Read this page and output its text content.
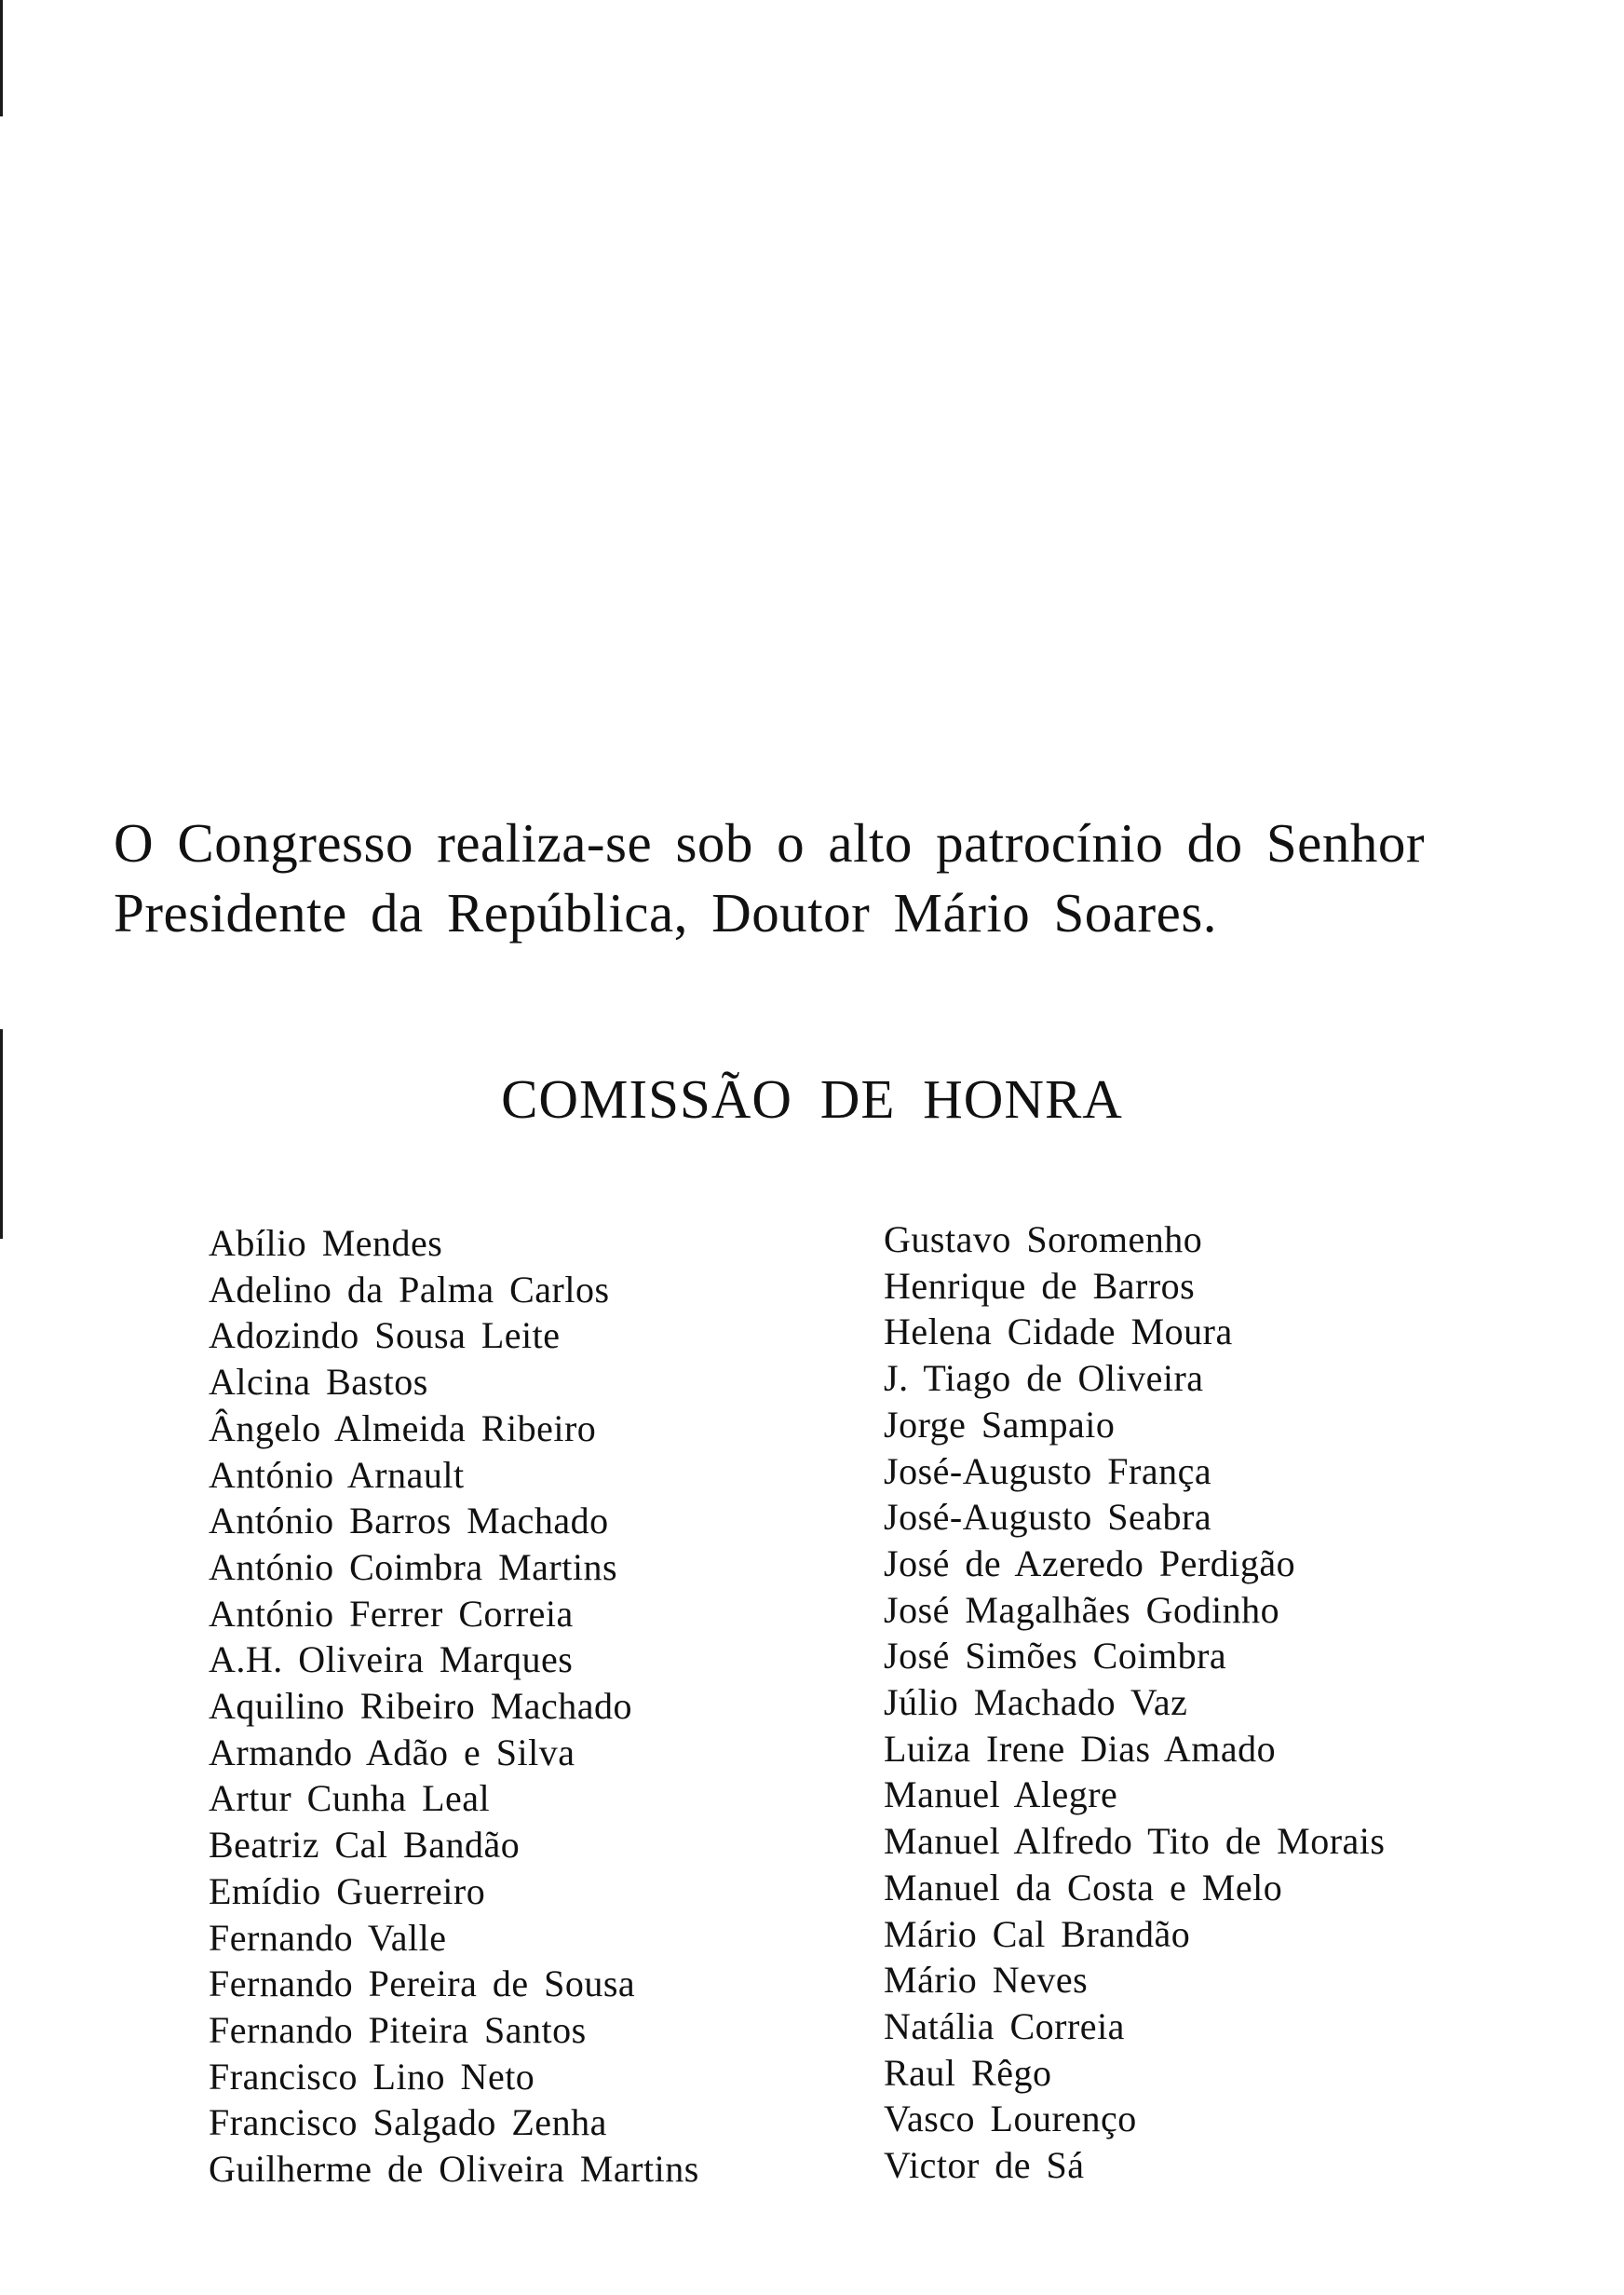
O Congresso realiza-se sob o alto patrocínio do Senhor
Presidente da República, Doutor Mário Soares.

COMISSÃO DE HONRA
Abílio Mendes
Adelino da Palma Carlos
Adozindo Sousa Leite
Alcina Bastos
Ângelo Almeida Ribeiro
António Arnault
António Barros Machado
António Coimbra Martins
António Ferrer Correia
A.H. Oliveira Marques
Aquilino Ribeiro Machado
Armando Adão e Silva
Artur Cunha Leal
Beatriz Cal Bandão
Emídio Guerreiro
Fernando Valle
Fernando Pereira de Sousa
Fernando Piteira Santos
Francisco Lino Neto
Francisco Salgado Zenha
Guilherme de Oliveira Martins
Gustavo Soromenho
Henrique de Barros
Helena Cidade Moura
J. Tiago de Oliveira
Jorge Sampaio
José-Augusto França
José-Augusto Seabra
José de Azeredo Perdigão
José Magalhães Godinho
José Simões Coimbra
Júlio Machado Vaz
Luiza Irene Dias Amado
Manuel Alegre
Manuel Alfredo Tito de Morais
Manuel da Costa e Melo
Mário Cal Brandão
Mário Neves
Natália Correia
Raul Rêgo
Vasco Lourenço
Victor de Sá
